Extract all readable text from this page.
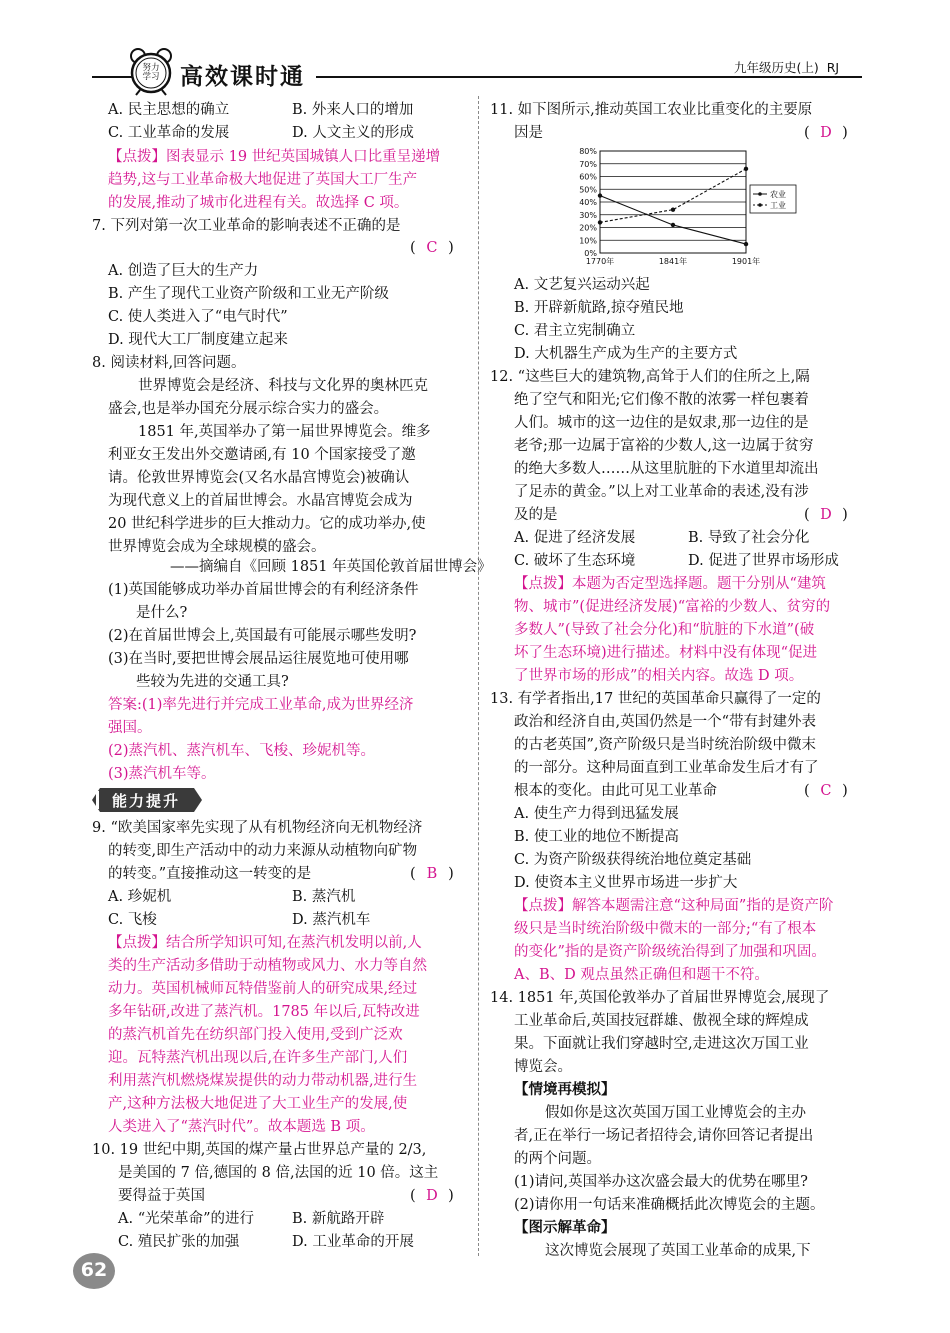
努力学习 高效课时通	九年级历史(上)  RJ
A. 民主思想的确立	B. 外来人口的增加
C. 工业革命的发展	D. 人文主义的形成
【点拨】图表显示 19 世纪英国城镇人口比重呈递增
趋势,这与工业革命极大地促进了英国大工厂生产
的发展,推动了城市化进程有关。故选择 C 项。
7. 下列对第一次工业革命的影响表述不正确的是
A. 创造了巨大的生产力
B. 产生了现代工业资产阶级和工业无产阶级
C. 使人类进入了“电气时代”
D. 现代大工厂制度建立起来
8. 阅读材料,回答问题。
世界博览会是经济、科技与文化界的奥林匹克
盛会,也是举办国充分展示综合实力的盛会。
1851 年,英国举办了第一届世界博览会。维多
利亚女王发出外交邀请函,有 10 个国家接受了邀
请。伦敦世界博览会(又名水晶宫博览会)被确认
为现代意义上的首届世博会。水晶宫博览会成为
20 世纪科学进步的巨大推动力。它的成功举办,使
世界博览会成为全球规模的盛会。
——摘编自《回顾 1851 年英国伦敦首届世博会》
(1)英国能够成功举办首届世博会的有利经济条件
是什么?
(2)在首届世博会上,英国最有可能展示哪些发明?
(3)在当时,要把世博会展品运往展览地可使用哪
些较为先进的交通工具?
答案:(1)率先进行并完成工业革命,成为世界经济
强国。
(2)蒸汽机、蒸汽机车、飞梭、珍妮机等。
(3)蒸汽机车等。
9. “欧美国家率先实现了从有机物经济向无机物经济
的转变,即生产活动中的动力来源从动植物向矿物
的转变。”直接推动这一转变的是
A. 珍妮机	B. 蒸汽机
C. 飞梭	D. 蒸汽机车
【点拨】结合所学知识可知,在蒸汽机发明以前,人
类的生产活动多借助于动植物或风力、水力等自然
动力。英国机械师瓦特借鉴前人的研究成果,经过
多年钻研,改进了蒸汽机。1785 年以后,瓦特改进
的蒸汽机首先在纺织部门投入使用,受到广泛欢
迎。瓦特蒸汽机出现以后,在许多生产部门,人们
利用蒸汽机燃烧煤炭提供的动力带动机器,进行生
产,这种方法极大地促进了大工业生产的发展,使
人类进入了“蒸汽时代”。故本题选 B 项。
10. 19 世纪中期,英国的煤产量占世界总产量的 2/3,
是美国的 7 倍,德国的 8 倍,法国的近 10 倍。这主
要得益于英国
A. “光荣革命”的进行	B. 新航路开辟
C. 殖民扩张的加强	D. 工业革命的开展
能力提升
11. 如下图所示,推动英国工农业比重变化的主要原
因是
A. 文艺复兴运动兴起
B. 开辟新航路,掠夺殖民地
C. 君主立宪制确立
D. 大机器生产成为生产的主要方式
12. “这些巨大的建筑物,高耸于人们的住所之上,隔
绝了空气和阳光;它们像不散的浓雾一样包裹着
人们。城市的这一边住的是奴隶,那一边住的是
老爷;那一边属于富裕的少数人,这一边属于贫穷
的绝大多数人……从这里肮脏的下水道里却流出
了足赤的黄金。”以上对工业革命的表述,没有涉
及的是
A. 促进了经济发展	B. 导致了社会分化
C. 破坏了生态环境	D. 促进了世界市场形成
【点拨】本题为否定型选择题。题干分别从“建筑
物、城市”(促进经济发展)“富裕的少数人、贫穷的
多数人”(导致了社会分化)和“肮脏的下水道”(破
坏了生态环境)进行描述。材料中没有体现“促进
了世界市场的形成”的相关内容。故选 D 项。
13. 有学者指出,17 世纪的英国革命只赢得了一定的
政治和经济自由,英国仍然是一个“带有封建外表
的古老英国”,资产阶级只是当时统治阶级中微末
的一部分。这种局面直到工业革命发生后才有了
根本的变化。由此可见工业革命
A. 使生产力得到迅猛发展
B. 使工业的地位不断提高
C. 为资产阶级获得统治地位奠定基础
D. 使资本主义世界市场进一步扩大
【点拨】解答本题需注意“这种局面”指的是资产阶
级只是当时统治阶级中微末的一部分;“有了根本
的变化”指的是资产阶级统治得到了加强和巩固。
A、B、D 观点虽然正确但和题干不符。
14. 1851 年,英国伦敦举办了首届世界博览会,展现了
工业革命后,英国技冠群雄、傲视全球的辉煌成
果。下面就让我们穿越时空,走进这次万国工业
博览会。
【情境再模拟】
假如你是这次英国万国工业博览会的主办
者,正在举行一场记者招待会,请你回答记者提出
的两个问题。
(1)请问,英国举办这次盛会最大的优势在哪里?
(2)请你用一句话来准确概括此次博览会的主题。
【图示解革命】
这次博览会展现了英国工业革命的成果,下
0%
10%
20%
30%
40%
50%
60%
70%
80%
1770年	1841年	1901年
农业
工业
(  C  )
(  B  )
(  D  )
(  D  )
(  D  )
(  C  )
62
